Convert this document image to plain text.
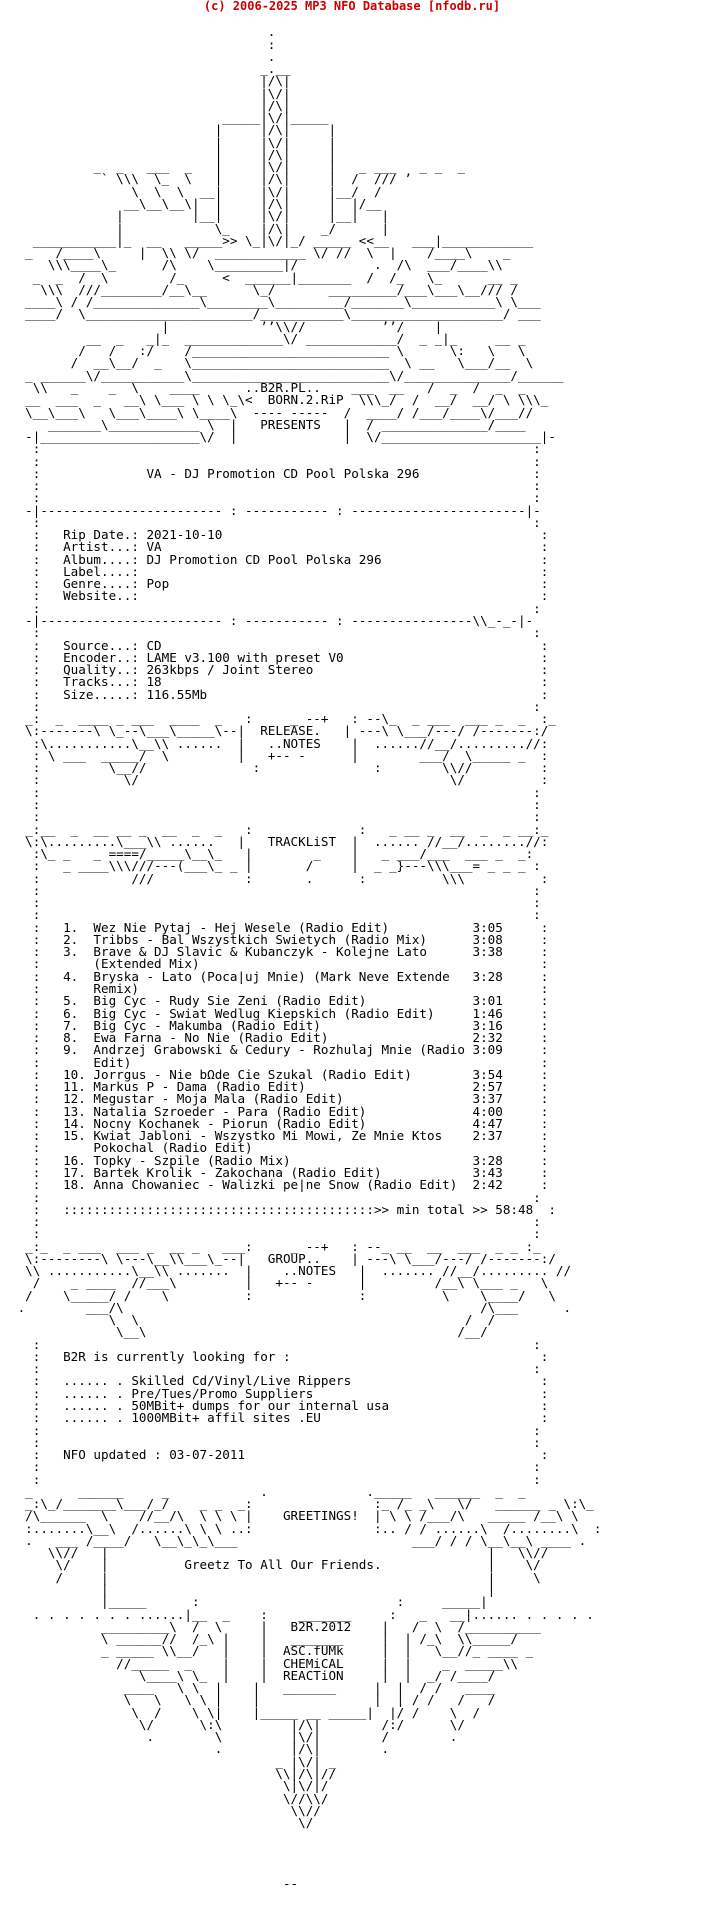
(c) 2006-2025 MP3 NFO Database [nfodb.ru]

.
:
.
_.__
|/\|
|\/|
|/\|
_____|\/|_____
|     |/\|     |
|     |\/|     |
|     |/\|     |
_  _   ___  _   |     |\/|     |   _ ___   _ _  _
` \\\  \_  \   |     |/\|     |  /  /// ’
\  \  \  __|     |\/|     |__/  /
__\__\__\|  |     |/\|     |  |/__
|         |__|     |\/|     |__|   |
|            \_    |/\|    _/      |
___________|_  __   _____>> \_|\/|_/ _____ <<__   ___|____________
_   /____\     |  \\ \/  ____________ \/ //  \  |    /____\    _
\\\____\_      /\    \_________|/          .  /\  ___/____\\
_  _  /  \        /_     <  ______|_______  /  /_   \_      __ _
\\\  ///________/__\__      \_/       _________/___\___\__/// /
____\ / /______________\________\_________/_______\___________\ \___
____/  \______________________/___________\____________________/ ___
|            ’’\\//          ’’/    |
__  _   _|_  _____________\/ ____________/  _ _|_     __ _
/   /   :/    /__________________________ \      \:   \   \
/  __\__/  _   \__________________________  \ __   \___/__  \
_ ______\/___________\__________________________\/______________/______
\\   _    _  \    ____      ..B2R.PL..    ___  __   /  _  /  _  _
__  ___  _   __\ \___ \ \ \_\<  BORN.2.RiP  \\\_/  /  __/  __/ \ \\\_
\__\___\   \___\____\ \____\  ---- -----  /  ____/ /___/____\/___//
_______\____________ \  |   PRESENTS   |  / ______________/____
-|_____________________\/  |              |  \/_____________________|-
:                                                                 :
:                                                                 :
:              VA - DJ Promotion CD Pool Polska 296               :
:                                                                 :
:                                                                 :
-|------------------------ : ----------- : -----------------------|-
:                                                                 :
:   Rip Date.: 2021-10-10                                          :
:   Artist...: VA                                                  :
:   Album....: DJ Promotion CD Pool Polska 296                     :
:   Label....:                                                     :
:   Genre....: Pop                                                 :
:   Website..:                                                     :
:                                                                 :
-|------------------------ : ----------- : ----------------\\_-_-|-
:                                                                 :
:   Source...: CD                                                  :
:   Encoder..: LAME v3.100 with preset V0                          :
:   Quality..: 263kbps / Joint Stereo                              :
:   Tracks...: 18                                                  :
:   Size.....: 116.55Mb                                            :
:                                                                 :
_:  _  ____ _ ___  ____  _   :     _ --+   : --\_  _ ___  ___ _  _  :_
\:-------\ \_--\___\_____\--|  RELEASE.   | ---\ \___/---/ /-------:/
:\...........\__\\ ......  |   ..NOTES    |  ......//__/.........//:
: \ ___  _____/  \         |   +-- -      |        ___/  \_____ _  :
:         \__//              :               :        \\//         :
:           \/                                         \/          :
:                                                                 :
:                                                                 :
:                                                                 :
_:__  _  __ __ _  __  _  _   :              :   _ __ _  __  _  _ __:_
\:\.........\___\\ ......   |   TRACKLiST  |  ...... //__/........//:
:\_ _   _ ====/_____\__\_   |        _    |   _ ___/___  ___ _  _:
:   _ ____\\\///---(___\_ _ |       /     |  _ _}---\\\___= _ _ _ :
:            ///            :       .      :          \\\          :
:                                                                 :
:                                                                 :
:                                                                 :
:   1.  Wez Nie Pytaj - Hej Wesele (Radio Edit)           3:05     :
:   2.  Tribbs - Bal Wszystkich Swietych (Radio Mix)      3:08     :
:   3.  Brave & DJ Slavic & Kubanczyk - Kolejne Lato      3:38     :
:       (Extended Mix)                                             :
:   4.  Bryska - Lato (Poca|uj Mnie) (Mark Neve Extende   3:28     :
:       Remix)                                                     :
:   5.  Big Cyc - Rudy Sie Zeni (Radio Edit)              3:01     :
:   6.  Big Cyc - Swiat Wedlug Kiepskich (Radio Edit)     1:46     :
:   7.  Big Cyc - Makumba (Radio Edit)                    3:16     :
:   8.  Ewa Farna - No Nie (Radio Edit)                   2:32     :
:   9.  Andrzej Grabowski & Cedury - Rozhulaj Mnie (Radio 3:09     :
:       Edit)                                                      :
:   10. Jorrgus - Nie bΩde Cie Szukal (Radio Edit)        3:54     :
:   11. Markus P - Dama (Radio Edit)                      2:57     :
:   12. Megustar - Moja Mala (Radio Edit)                 3:37     :
:   13. Natalia Szroeder - Para (Radio Edit)              4:00     :
:   14. Nocny Kochanek - Piorun (Radio Edit)              4:47     :
:   15. Kwiat Jabloni - Wszystko Mi Mowi, Ze Mnie Ktos    2:37     :
:       Pokochal (Radio Edit)                                      :
:   16. Topky - Szpile (Radio Mix)                        3:28     :
:   17. Bartek Krolik - Zakochana (Radio Edit)            3:43     :
:   18. Anna Chowaniec - Walizki pe|ne Snow (Radio Edit)  2:42     :
:                                                                 :
:   :::::::::::::::::::::::::::::::::::::::::>> min total >> 58:48  :
:                                                                 :
:                                                                 :
_:_  _ ___  ___ _  __ _   ___:     _ --+   : --_ __  __  ___  _ _ :_
\:--------\ \---\__\\___\_--|   GROUP..    | ---\ \___/---/ /-------:/
\\ ...........\__\\ .......  |    ..NOTES   |  ....... //__/......... //
/    _ ____  //___\         |   +-- -      |         /__\ \___ _   \
/    \_____/ /    \          :              :          \    \____/   \
.        ___/\                                               /\___      .
\  \                                           /  /
\__\                                         /__/
:                                                                 :
:   B2R is currently looking for :                                 :
:                                                                 :
:   ...... . Skilled Cd/Vinyl/Live Rippers                         :
:   ...... . Pre/Tues/Promo Suppliers                              :
:   ...... . 50MBit+ dumps for our internal usa                    :
:   ...... . 1000MBit+ affil sites .EU                             :
:                                                                 :
:                                                                 :
:   NFO updated : 03-07-2011                                       :
:                                                                 :
:                                                                 :
_      ______     _            .             ._____   ______  _  _
_:\_/_______\___/_/    _ _  _:                :_ /_ _\   \/   ______ _ \:\_
/\______  \    //__/\  \ \ \ |    GREETINGS!  | \ \ /___/\   _____ /__\ \
:.......\__\  /......\ \ \ ..:                :.. / / ......\  /........\  :
.   ___ /____/   \__\_\_\___                       ___/ / / \__\__\ ____ .
\\//   |                                                  |   \\//
\/    |          Greetz To All Our Friends.              |    \/
/     |                                                  |     \
|                                                  |
|_____      :                          :     _____|
. . . . . . . ......|__  _    :    _______     :   _   __|...... . . . . .
_________\  /  \     |   B2R.2012    |   /  \  /__________
\ ______//  /_\ |    |   _______     |  | /_\  \\_____/
_ _____ \\__/   |    |  ASC.fUMk     |  |   \__//_ ____ _
//_____  _    |    |  CHEMiCAL     |  |    _  _____\\
\____\ \_  |    |  REACTiON     |  |  _/ /____/
____   \ \  |    |   _______     |  |  / /   ____
\   \   \ \ |    |               |  | / /   /   /
\  /    \ \|    |_____ __ _____|  |/ /    \  /
\/      \:\         |/\|        /:/      \/
.        \         |\/|        /        .
.         |/\|        .
_ |\/| _
\\|/\|//
\|\/|/
\//\\/
\\//
\/

--
